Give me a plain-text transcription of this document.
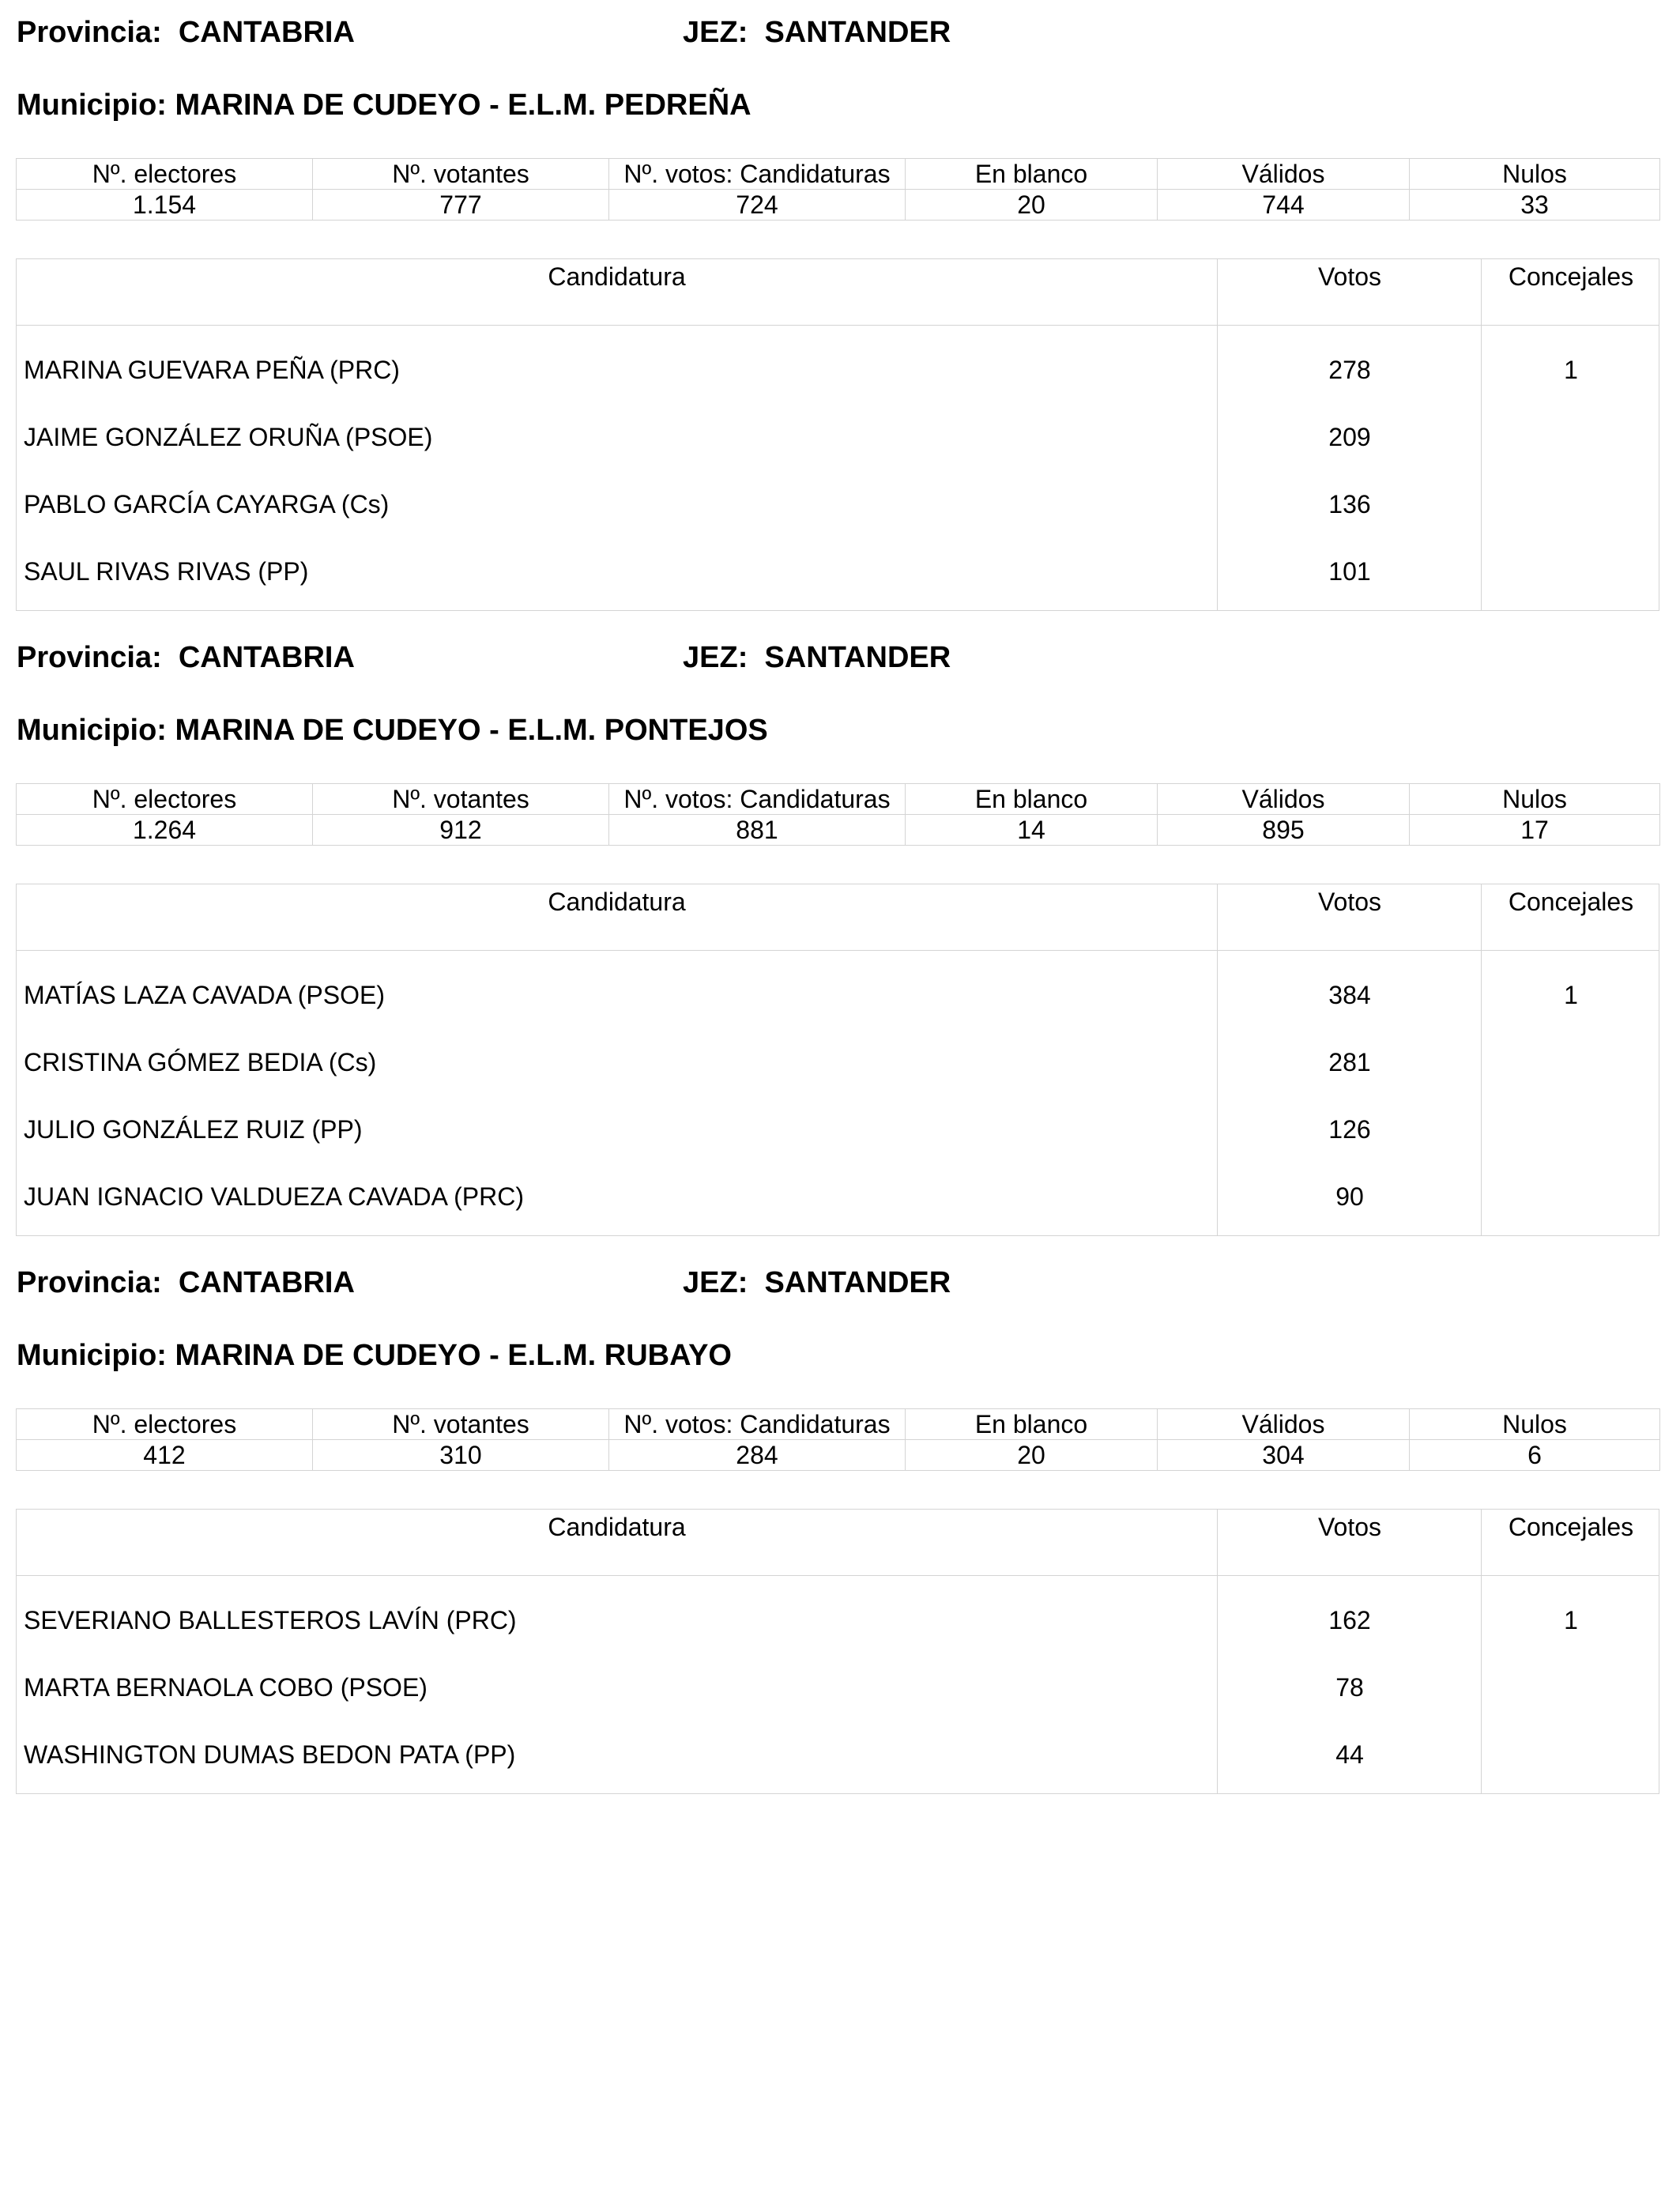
Provincia:  CANTABRIA	JEZ:  SANTANDER
Municipio: MARINA DE CUDEYO - E.L.M. PEDREÑA
Nº. electores	Nº. votantes	Nº. votos: Candidaturas	En blanco	Válidos	Nulos
1.154	777	724	20	744	33
Candidatura	Votos	Concejales
MARINA GUEVARA PEÑA (PRC)	278	1
JAIME GONZÁLEZ ORUÑA (PSOE)	209
PABLO GARCÍA CAYARGA (Cs)	136
SAUL RIVAS RIVAS (PP)	101
Provincia:  CANTABRIA	JEZ:  SANTANDER
Municipio: MARINA DE CUDEYO - E.L.M. PONTEJOS
Nº. electores	Nº. votantes	Nº. votos: Candidaturas	En blanco	Válidos	Nulos
1.264	912	881	14	895	17
Candidatura	Votos	Concejales
MATÍAS LAZA CAVADA (PSOE)	384	1
CRISTINA GÓMEZ BEDIA (Cs)	281
JULIO GONZÁLEZ RUIZ (PP)	126
JUAN IGNACIO VALDUEZA CAVADA (PRC)	90
Provincia:  CANTABRIA	JEZ:  SANTANDER
Municipio: MARINA DE CUDEYO - E.L.M. RUBAYO
Nº. electores	Nº. votantes	Nº. votos: Candidaturas	En blanco	Válidos	Nulos
412	310	284	20	304	6
Candidatura	Votos	Concejales
SEVERIANO BALLESTEROS LAVÍN (PRC)	162	1
MARTA BERNAOLA COBO (PSOE)	78
WASHINGTON DUMAS BEDON PATA (PP)	44
